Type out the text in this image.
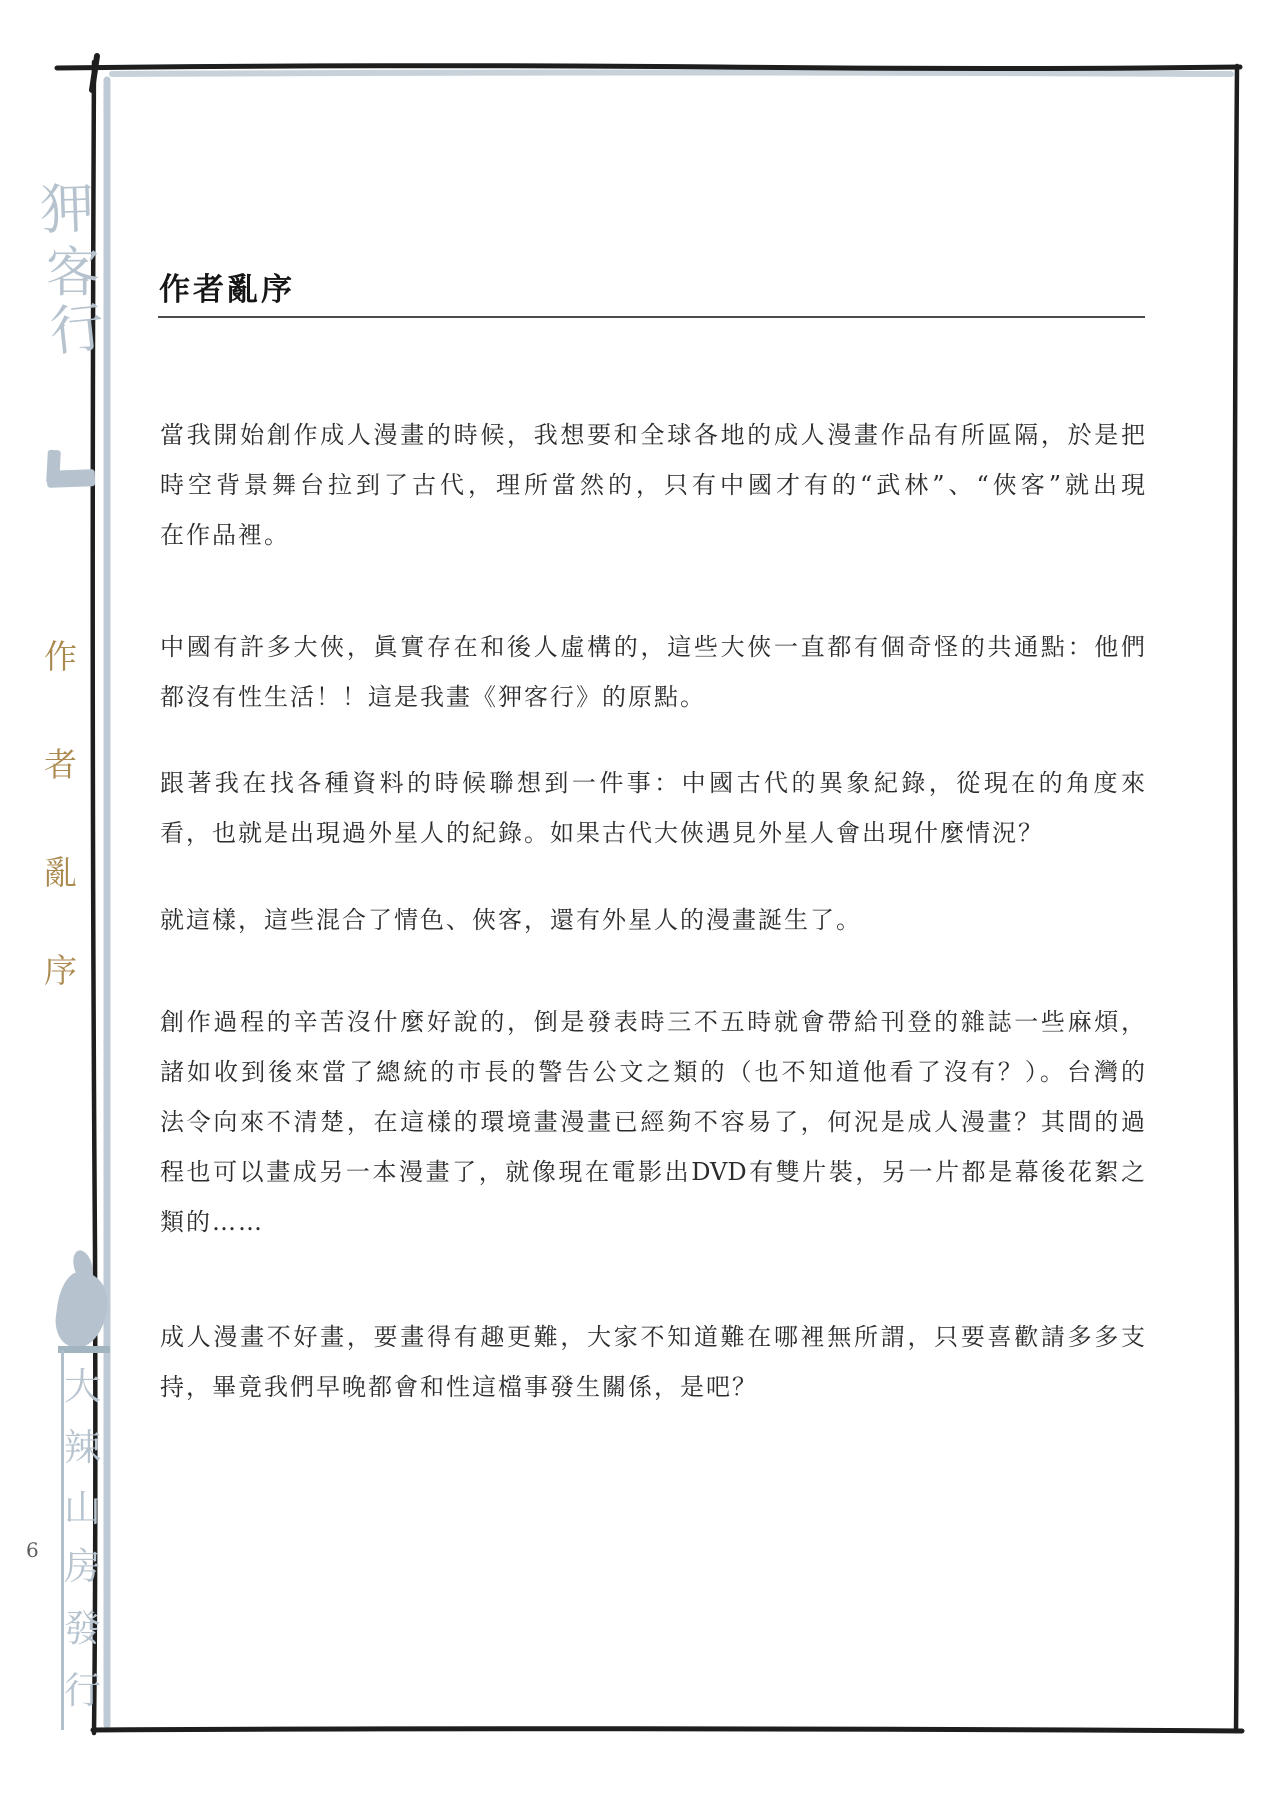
狎
客
行
作
者
亂
序
大
辣
山
房
發
行
6
作者亂序
當我開始創作成人漫畫的時候，我想要和全球各地的成人漫畫作品有所區隔，於是把
時空背景舞台拉到了古代，理所當然的，只有中國才有的“武林”、“俠客”就出現
在作品裡。
中國有許多大俠，眞實存在和後人虛構的，這些大俠一直都有個奇怪的共通點：他們
都沒有性生活！！這是我畫《狎客行》的原點。
跟著我在找各種資料的時候聯想到一件事：中國古代的異象紀錄，從現在的角度來
看，也就是出現過外星人的紀錄。如果古代大俠遇見外星人會出現什麼情況？
就這樣，這些混合了情色、俠客，還有外星人的漫畫誕生了。
創作過程的辛苦沒什麼好說的，倒是發表時三不五時就會帶給刊登的雜誌一些麻煩，
諸如收到後來當了總統的市長的警告公文之類的（也不知道他看了沒有？）。台灣的
法令向來不清楚，在這樣的環境畫漫畫已經夠不容易了，何況是成人漫畫？其間的過
程也可以畫成另一本漫畫了，就像現在電影出DVD有雙片裝，另一片都是幕後花絮之
類的……
成人漫畫不好畫，要畫得有趣更難，大家不知道難在哪裡無所謂，只要喜歡請多多支
持，畢竟我們早晚都會和性這檔事發生關係，是吧？
